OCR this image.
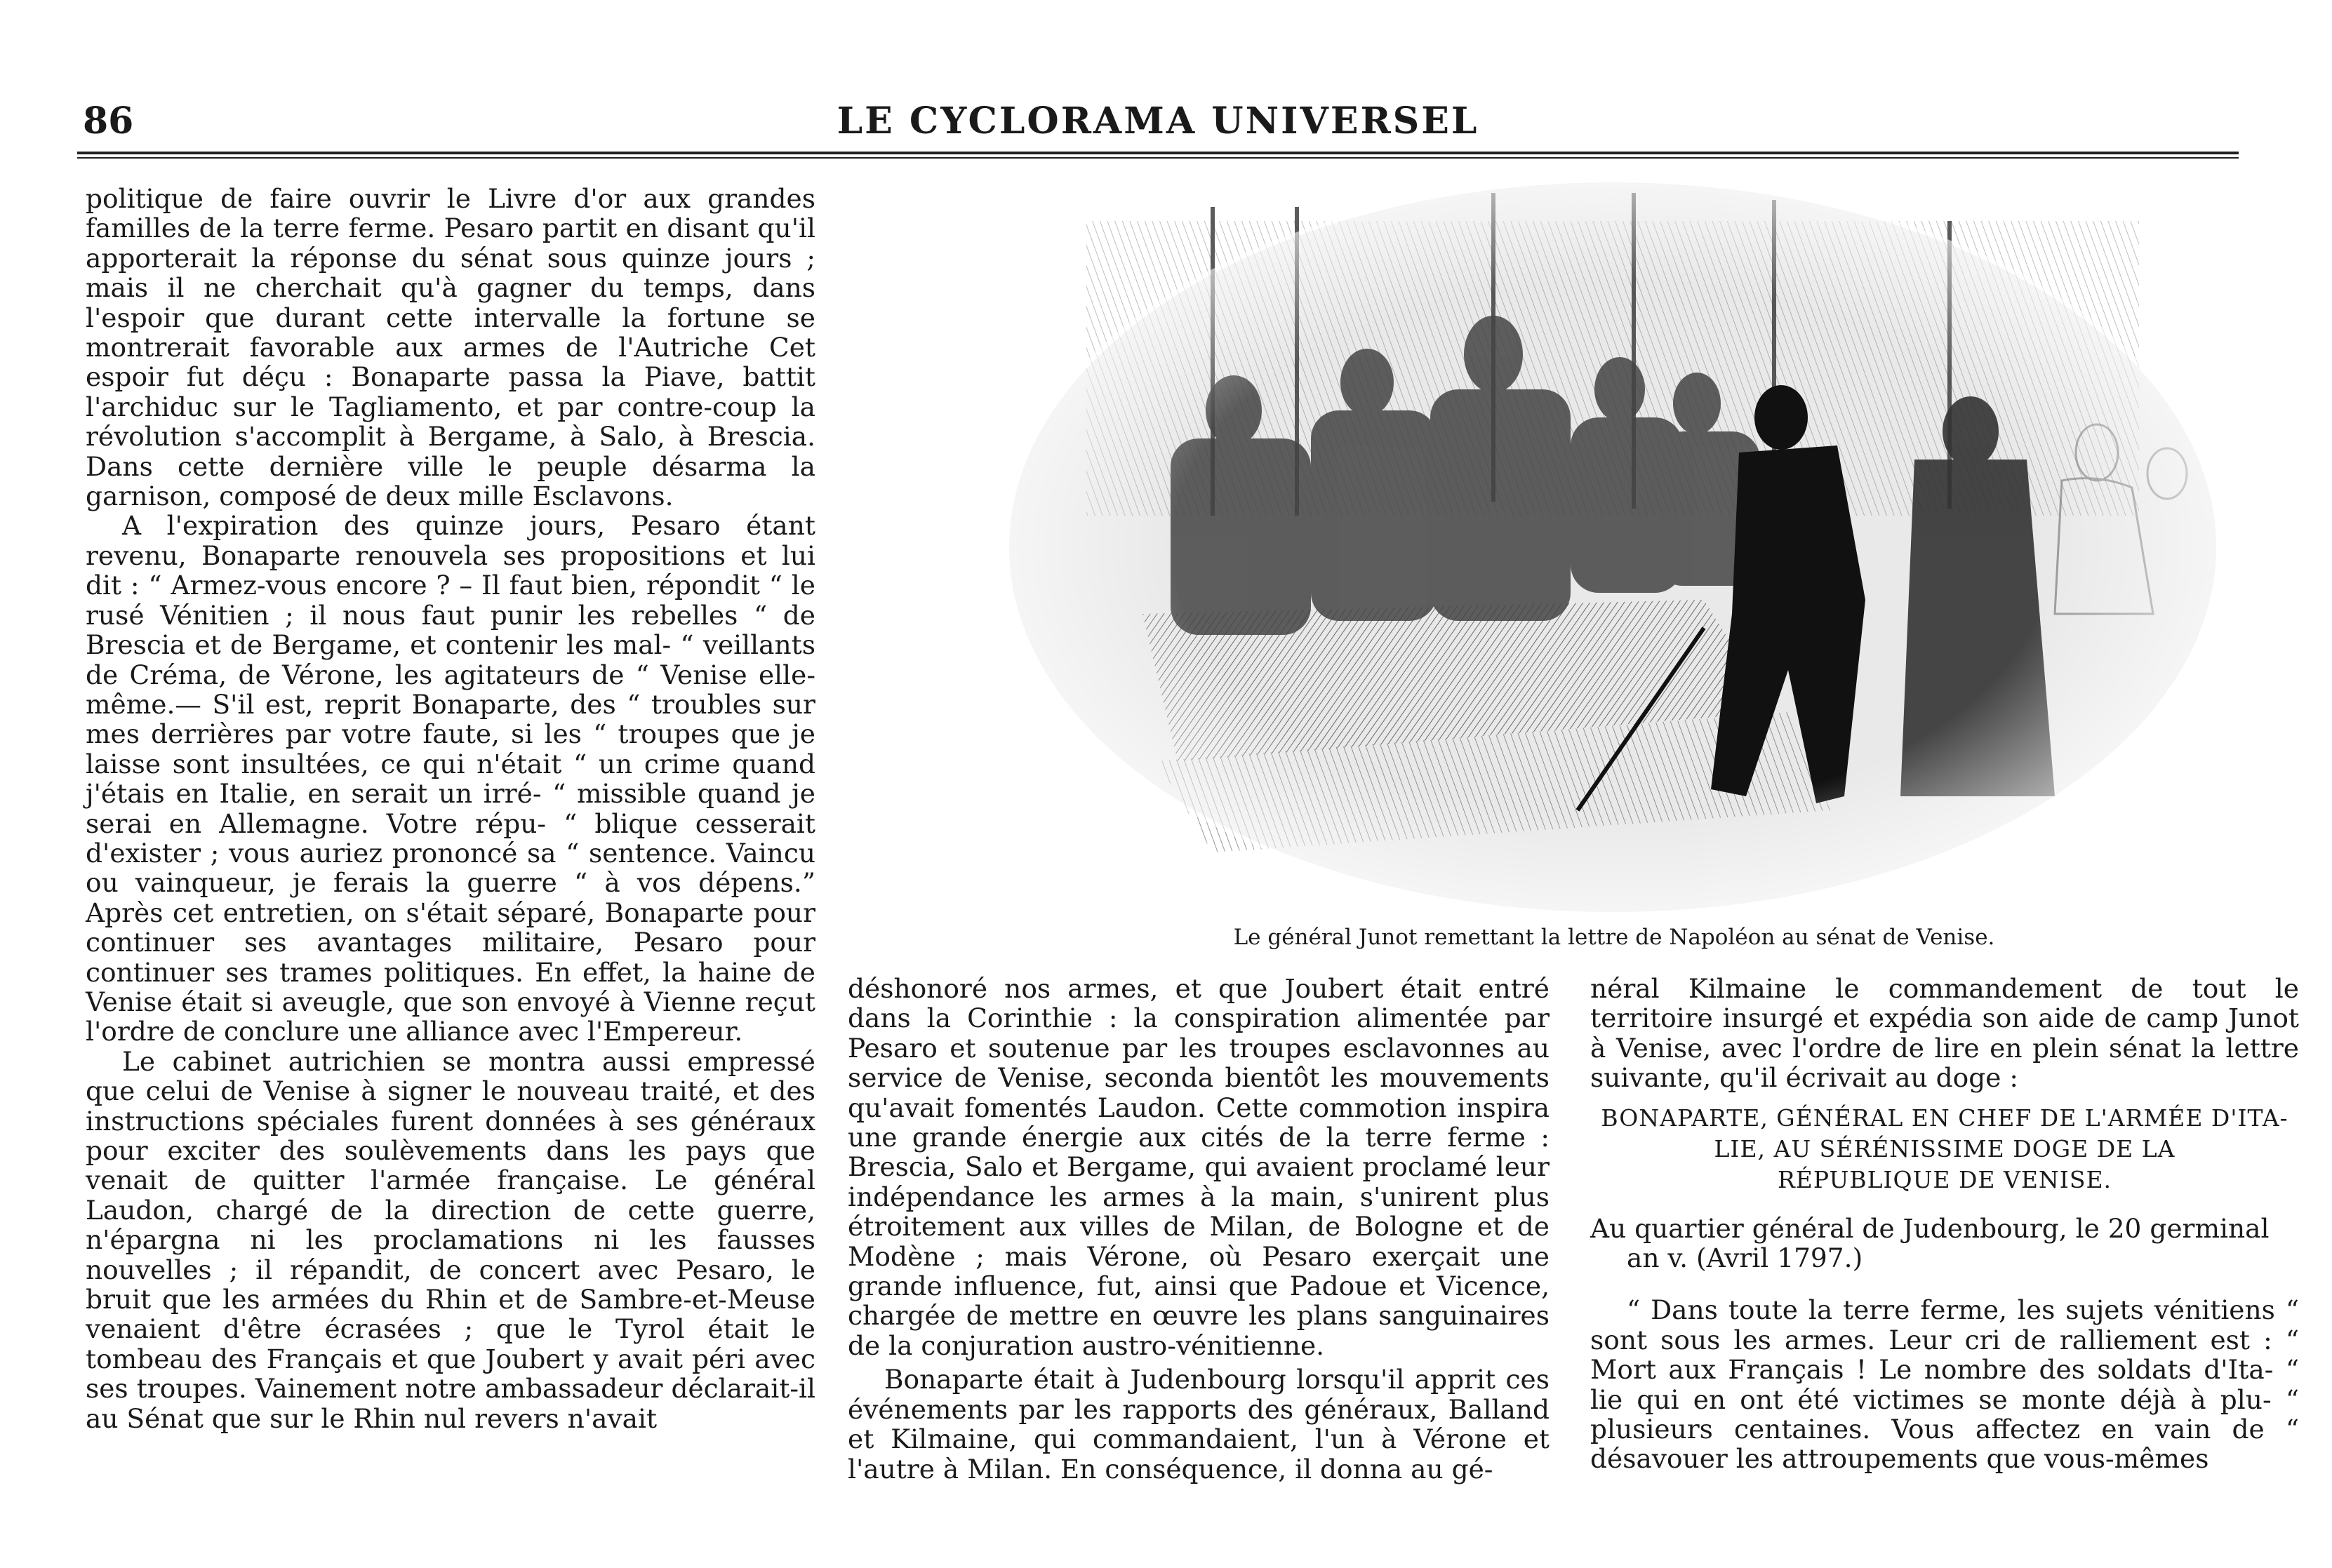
86	LE CYCLORAMA UNIVERSEL

politique de faire ouvrir le Livre d'or aux grandes familles de la terre ferme. Pesaro partit en disant qu'il apporterait la réponse du sénat sous quinze jours ; mais il ne cherchait qu'à gagner du temps, dans l'espoir que durant cette intervalle la fortune se montrerait favorable aux armes de l'Autriche Cet espoir fut déçu : Bonaparte passa la Piave, battit l'archiduc sur le Tagliamento, et par contre-coup la révolution s'accomplit à Bergame, à Salo, à Brescia. Dans cette dernière ville le peuple désarma la garnison, composé de deux mille Esclavons.

A l'expiration des quinze jours, Pesaro étant revenu, Bonaparte renouvela ses propositions et lui dit : “ Armez-vous encore ? – Il faut bien, répondit “ le rusé Vénitien ; il nous faut punir les rebelles “ de Brescia et de Bergame, et contenir les mal- “ veillants de Créma, de Vérone, les agitateurs de “ Venise elle-même.— S'il est, reprit Bonaparte, des “ troubles sur mes derrières par votre faute, si les “ troupes que je laisse sont insultées, ce qui n'était “ un crime quand j'étais en Italie, en serait un irré- “ missible quand je serai en Allemagne. Votre répu- “ blique cesserait d'exister ; vous auriez prononcé sa “ sentence. Vaincu ou vainqueur, je ferais la guerre “ à vos dépens.” Après cet entretien, on s'était séparé, Bonaparte pour continuer ses avantages militaire, Pesaro pour continuer ses trames politiques. En effet, la haine de Venise était si aveugle, que son envoyé à Vienne reçut l'ordre de conclure une alliance avec l'Empereur.

Le cabinet autrichien se montra aussi empressé que celui de Venise à signer le nouveau traité, et des instructions spéciales furent données à ses généraux pour exciter des soulèvements dans les pays que venait de quitter l'armée française. Le général Laudon, chargé de la direction de cette guerre, n'épargna ni les proclamations ni les fausses nouvelles ; il répandit, de concert avec Pesaro, le bruit que les armées du Rhin et de Sambre-et-Meuse venaient d'être écrasées ; que le Tyrol était le tombeau des Français et que Joubert y avait péri avec ses troupes. Vainement notre ambassadeur déclarait-il au Sénat que sur le Rhin nul revers n'avait

Le général Junot remettant la lettre de Napoléon au sénat de Venise.

déshonoré nos armes, et que Joubert était entré dans la Corinthie : la conspiration alimentée par Pesaro et soutenue par les troupes esclavonnes au service de Venise, seconda bientôt les mouvements qu'avait fomentés Laudon. Cette commotion inspira une grande énergie aux cités de la terre ferme : Brescia, Salo et Bergame, qui avaient proclamé leur indépendance les armes à la main, s'unirent plus étroitement aux villes de Milan, de Bologne et de Modène ; mais Vérone, où Pesaro exerçait une grande influence, fut, ainsi que Padoue et Vicence, chargée de mettre en œuvre les plans sanguinaires de la conjuration austro-vénitienne.

Bonaparte était à Judenbourg lorsqu'il apprit ces événements par les rapports des généraux, Balland et Kilmaine, qui commandaient, l'un à Vérone et l'autre à Milan. En conséquence, il donna au gé-

néral Kilmaine le commandement de tout le territoire insurgé et expédia son aide de camp Junot à Venise, avec l'ordre de lire en plein sénat la lettre suivante, qu'il écrivait au doge :

BONAPARTE, GÉNÉRAL EN CHEF DE L'ARMÉE D'ITA-
LIE, AU SÉRÉNISSIME DOGE DE LA
RÉPUBLIQUE DE VENISE.

Au quartier général de Judenbourg, le 20 germinal
an v. (Avril 1797.)

“ Dans toute la terre ferme, les sujets vénitiens “ sont sous les armes. Leur cri de ralliement est : “ Mort aux Français ! Le nombre des soldats d'Ita- “ lie qui en ont été victimes se monte déjà à plu- “ plusieurs centaines. Vous affectez en vain de “ désavouer les attroupements que vous-mêmes
